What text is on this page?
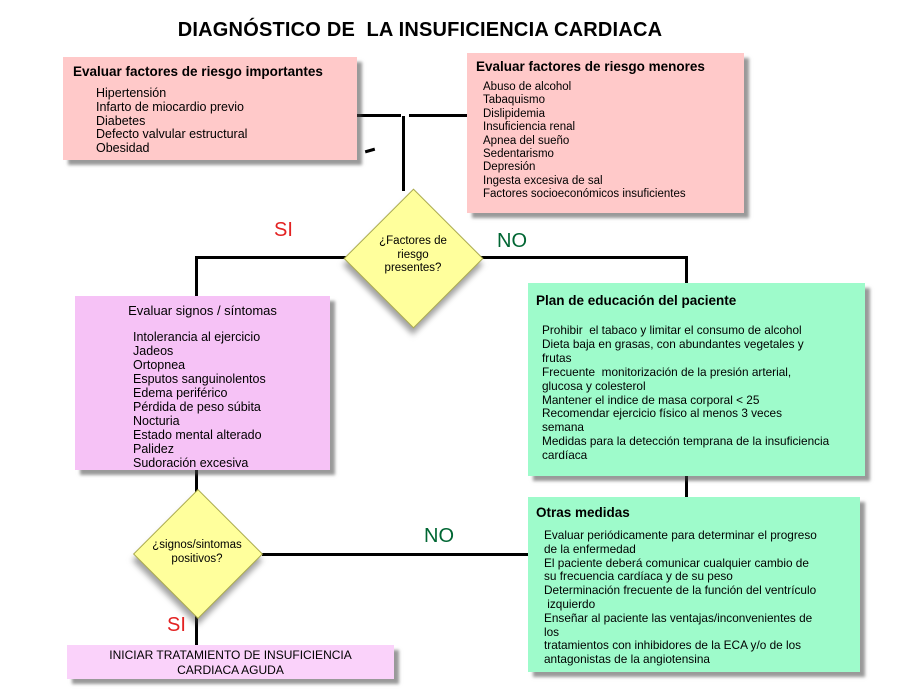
DIAGNÓSTICO DE  LA INSUFICIENCIA CARDIACA
Evaluar factores de riesgo importantes
Hipertensión
Infarto de miocardio previo
Diabetes
Defecto valvular estructural
Obesidad
Evaluar factores de riesgo menores
Abuso de alcohol
Tabaquismo
Dislipidemia
Insuficiencia renal
Apnea del sueño
Sedentarismo
Depresión
Ingesta excesiva de sal
Factores socioeconómicos insuficientes
¿Factores de
riesgo
presentes?
SI	NO
Evaluar signos / síntomas
Intolerancia al ejercicio
Jadeos
Ortopnea
Esputos sanguinolentos
Edema periférico
Pérdida de peso súbita
Nocturia
Estado mental alterado
Palidez
Sudoración excesiva
Plan de educación del paciente
Prohibir  el tabaco y limitar el consumo de alcohol
Dieta baja en grasas, con abundantes vegetales y
frutas
Frecuente  monitorización de la presión arterial,
glucosa y colesterol
Mantener el indice de masa corporal < 25
Recomendar ejercicio físico al menos 3 veces
semana
Medidas para la detección temprana de la insuficiencia
cardíaca
¿signos/sintomas
positivos?
NO
SI
Otras medidas
Evaluar periódicamente para determinar el progreso
de la enfermedad
El paciente deberá comunicar cualquier cambio de
su frecuencia cardíaca y de su peso
Determinación frecuente de la función del ventrículo
izquierdo
Enseñar al paciente las ventajas/inconvenientes de
los
tratamientos con inhibidores de la ECA y/o de los
antagonistas de la angiotensina
INICIAR TRATAMIENTO DE INSUFICIENCIA
CARDIACA AGUDA
